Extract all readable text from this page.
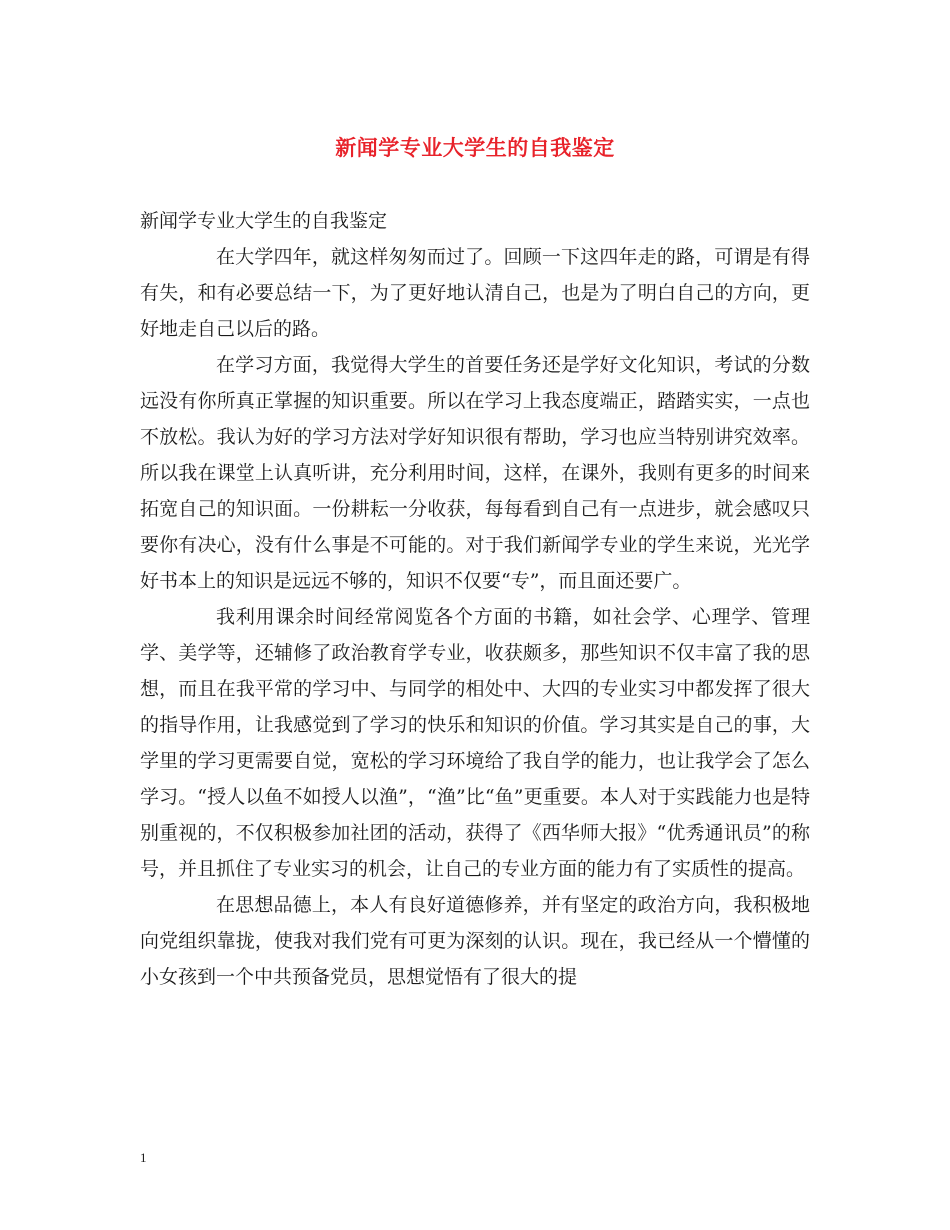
新闻学专业大学生的自我鉴定

新闻学专业大学生的自我鉴定

在大学四年，就这样匆匆而过了。回顾一下这四年走的路，可谓是有得有失，和有必要总结一下，为了更好地认清自己，也是为了明白自己的方向，更好地走自己以后的路。

在学习方面，我觉得大学生的首要任务还是学好文化知识，考试的分数远没有你所真正掌握的知识重要。所以在学习上我态度端正，踏踏实实，一点也不放松。我认为好的学习方法对学好知识很有帮助，学习也应当特别讲究效率。所以我在课堂上认真听讲，充分利用时间，这样，在课外，我则有更多的时间来拓宽自己的知识面。一份耕耘一分收获，每每看到自己有一点进步，就会感叹只要你有决心，没有什么事是不可能的。对于我们新闻学专业的学生来说，光光学好书本上的知识是远远不够的，知识不仅要“专”，而且面还要广。

我利用课余时间经常阅览各个方面的书籍，如社会学、心理学、管理学、美学等，还辅修了政治教育学专业，收获颇多，那些知识不仅丰富了我的思想，而且在我平常的学习中、与同学的相处中、大四的专业实习中都发挥了很大的指导作用，让我感觉到了学习的快乐和知识的价值。学习其实是自己的事，大学里的学习更需要自觉，宽松的学习环境给了我自学的能力，也让我学会了怎么学习。“授人以鱼不如授人以渔”，“渔”比“鱼”更重要。本人对于实践能力也是特别重视的，不仅积极参加社团的活动，获得了《西华师大报》“优秀通讯员”的称号，并且抓住了专业实习的机会，让自己的专业方面的能力有了实质性的提高。

在思想品德上，本人有良好道德修养，并有坚定的政治方向，我积极地向党组织靠拢，使我对我们党有可更为深刻的认识。现在，我已经从一个懵懂的小女孩到一个中共预备党员，思想觉悟有了很大的提

1
